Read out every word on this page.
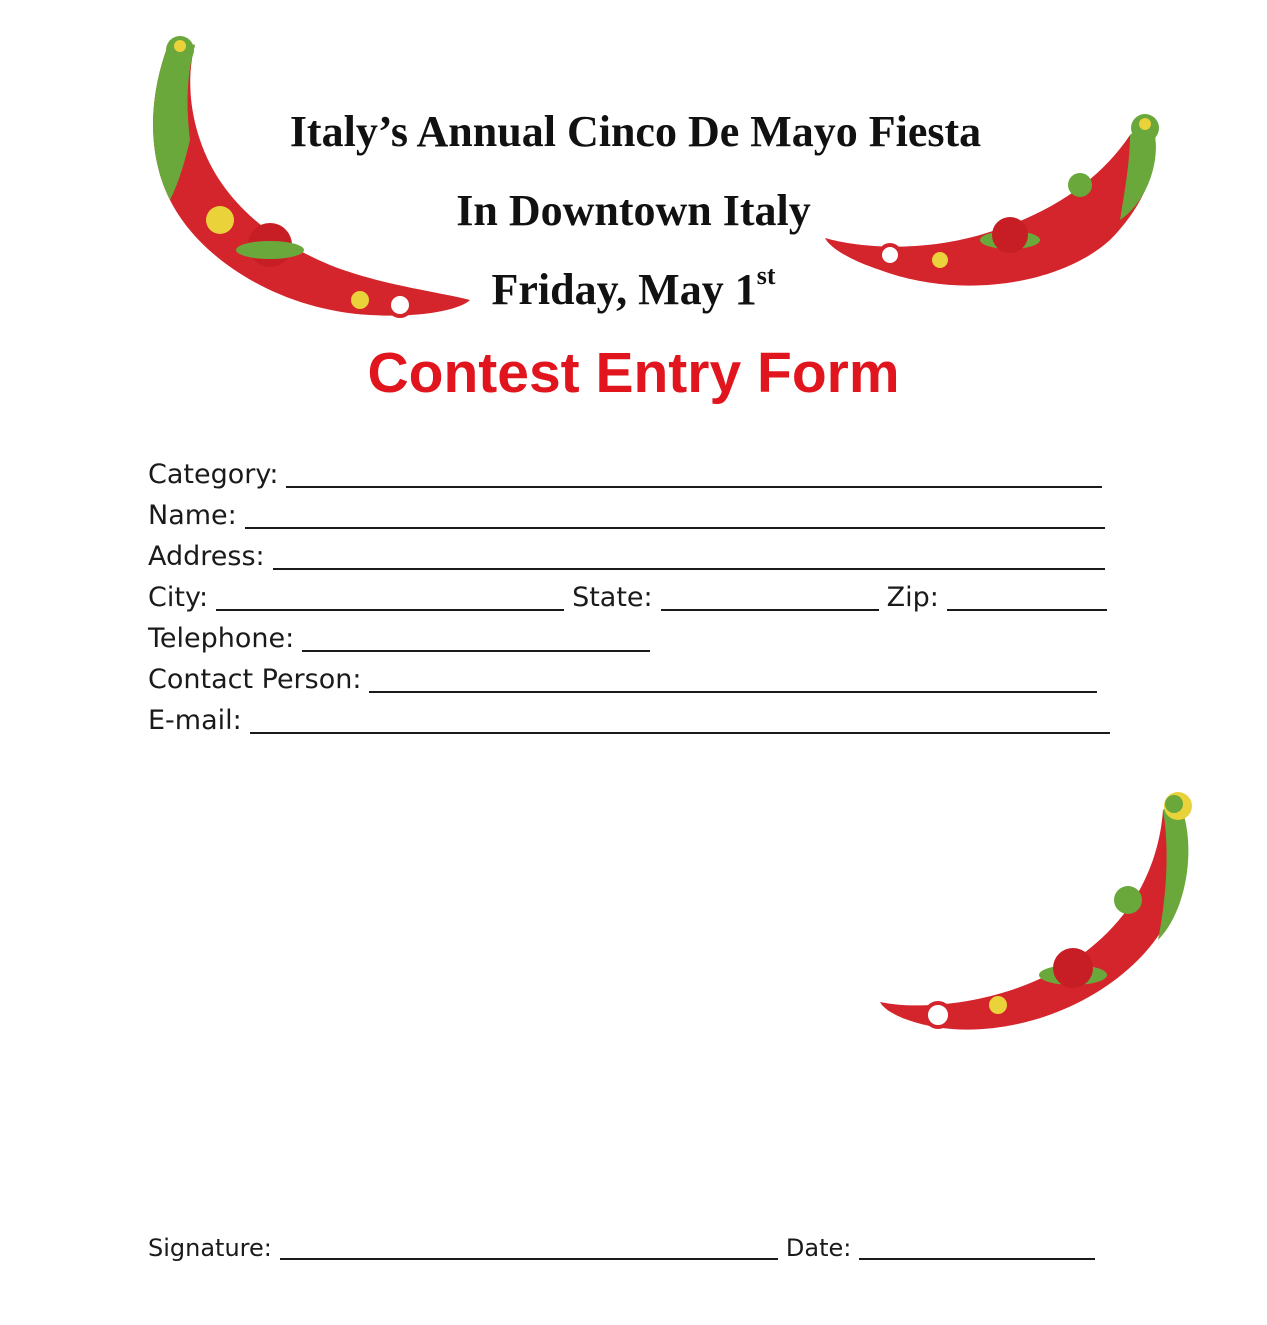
Italy’s Annual Cinco De Mayo Fiesta
In Downtown Italy
Friday, May 1st
Contest Entry Form
Category:
Name:
Address:
City:	State:	Zip:
Telephone:
Contact Person:
E-mail:
Signature:	Date:
